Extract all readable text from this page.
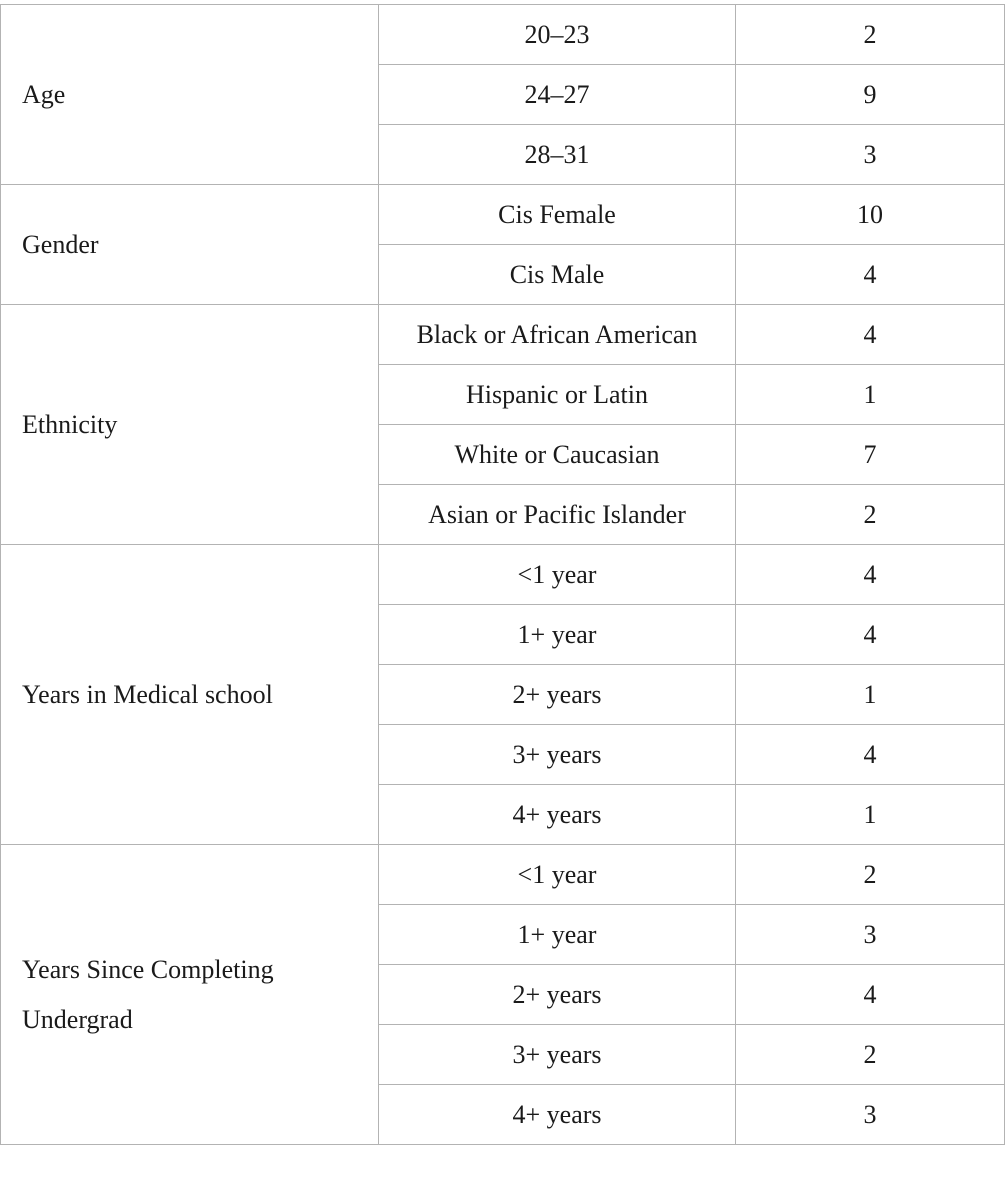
Age	20–23	2
	24–27	9
	28–31	3
Gender	Cis Female	10
	Cis Male	4
Ethnicity	Black or African American	4
	Hispanic or Latin	1
	White or Caucasian	7
	Asian or Pacific Islander	2
Years in Medical school	<1 year	4
	1+ year	4
	2+ years	1
	3+ years	4
	4+ years	1
Years Since Completing Undergrad	<1 year	2
	1+ year	3
	2+ years	4
	3+ years	2
	4+ years	3
